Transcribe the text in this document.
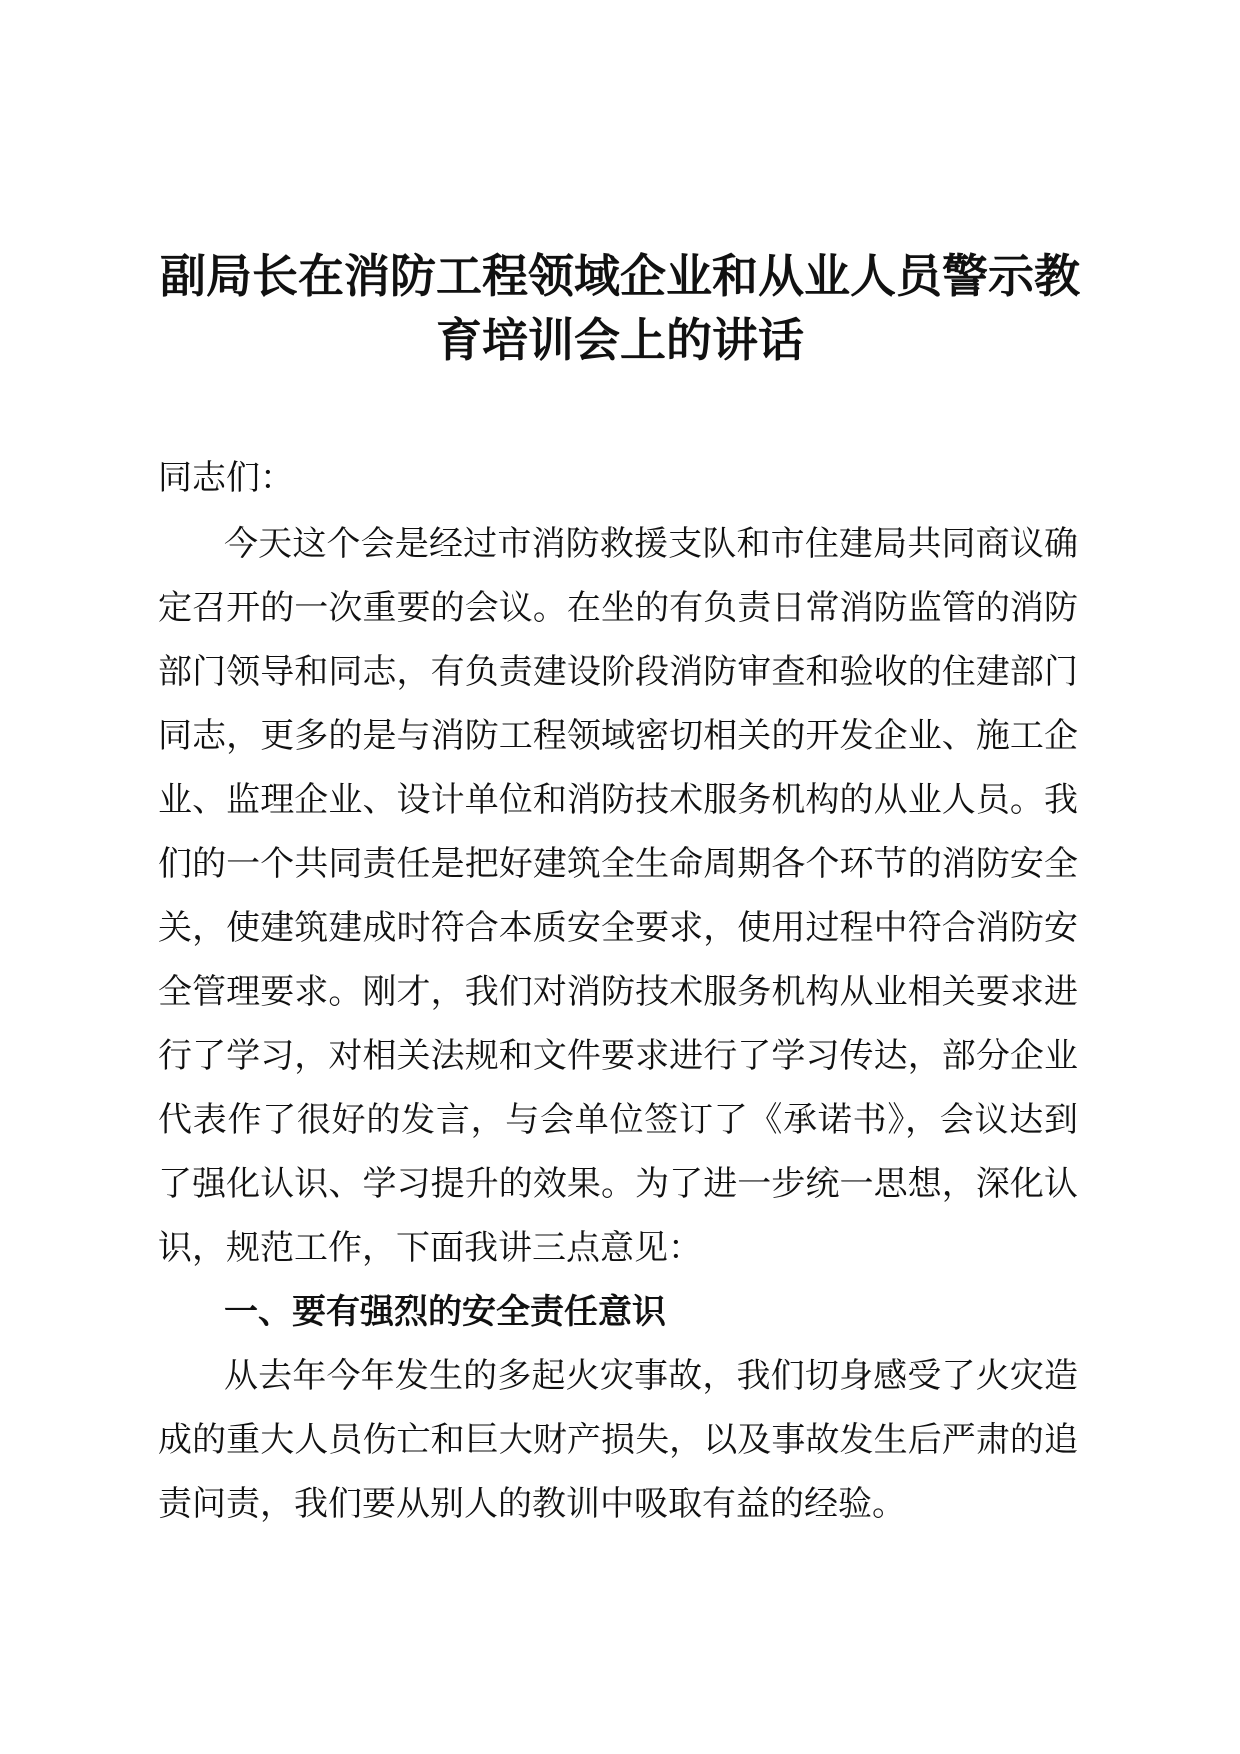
副局长在消防工程领域企业和从业人员警示教
育培训会上的讲话

同志们：

今天这个会是经过市消防救援支队和市住建局共同商议确

定召开的一次重要的会议。在坐的有负责日常消防监管的消防

部门领导和同志，有负责建设阶段消防审查和验收的住建部门

同志，更多的是与消防工程领域密切相关的开发企业、施工企

业、监理企业、设计单位和消防技术服务机构的从业人员。我

们的一个共同责任是把好建筑全生命周期各个环节的消防安全

关，使建筑建成时符合本质安全要求，使用过程中符合消防安

全管理要求。刚才，我们对消防技术服务机构从业相关要求进

行了学习，对相关法规和文件要求进行了学习传达，部分企业

代表作了很好的发言，与会单位签订了《承诺书》，会议达到

了强化认识、学习提升的效果。为了进一步统一思想，深化认

识，规范工作，下面我讲三点意见：

一、要有强烈的安全责任意识

从去年今年发生的多起火灾事故，我们切身感受了火灾造

成的重大人员伤亡和巨大财产损失，以及事故发生后严肃的追

责问责，我们要从别人的教训中吸取有益的经验。
